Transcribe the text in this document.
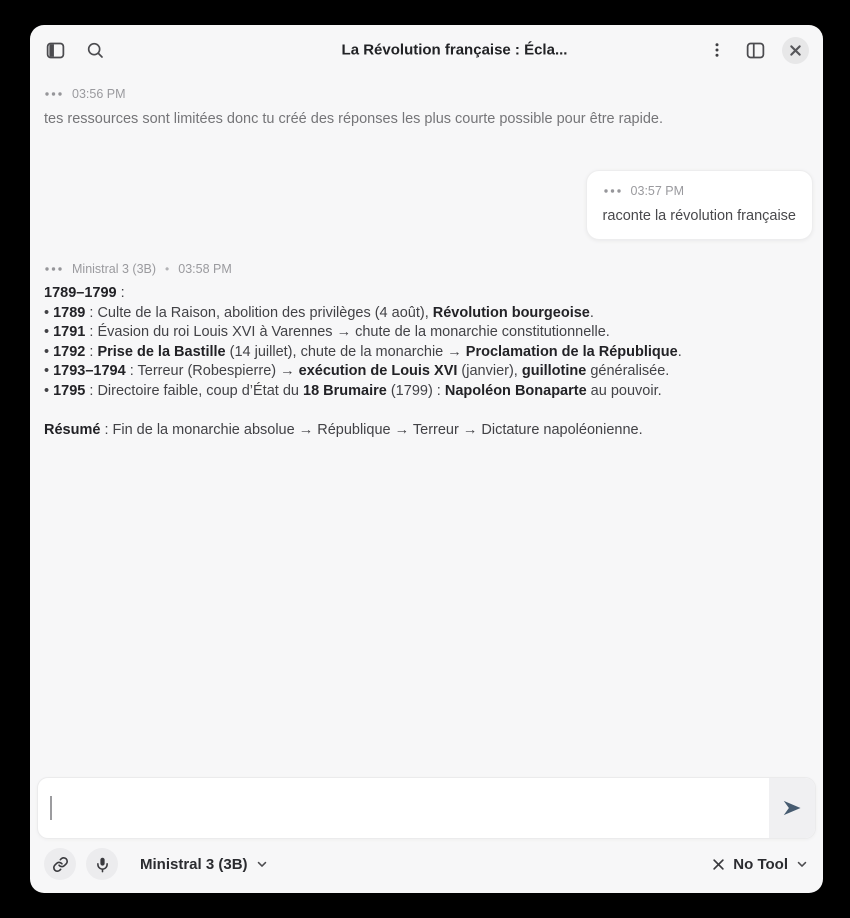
La Révolution française : Écla...
03:56 PM
tes ressources sont limitées donc tu créé des réponses les plus courte possible pour être rapide.
03:57 PM
raconte la révolution française
Ministral 3 (3B) • 03:58 PM
1789–1799 :
• 1789 : Culte de la Raison, abolition des privilèges (4 août), Révolution bourgeoise.
• 1791 : Évasion du roi Louis XVI à Varennes → chute de la monarchie constitutionnelle.
• 1792 : Prise de la Bastille (14 juillet), chute de la monarchie → Proclamation de la République.
• 1793–1794 : Terreur (Robespierre) → exécution de Louis XVI (janvier), guillotine généralisée.
• 1795 : Directoire faible, coup d’État du 18 Brumaire (1799) : Napoléon Bonaparte au pouvoir.
Résumé : Fin de la monarchie absolue → République → Terreur → Dictature napoléonienne.
Ministral 3 (3B)	No Tool
